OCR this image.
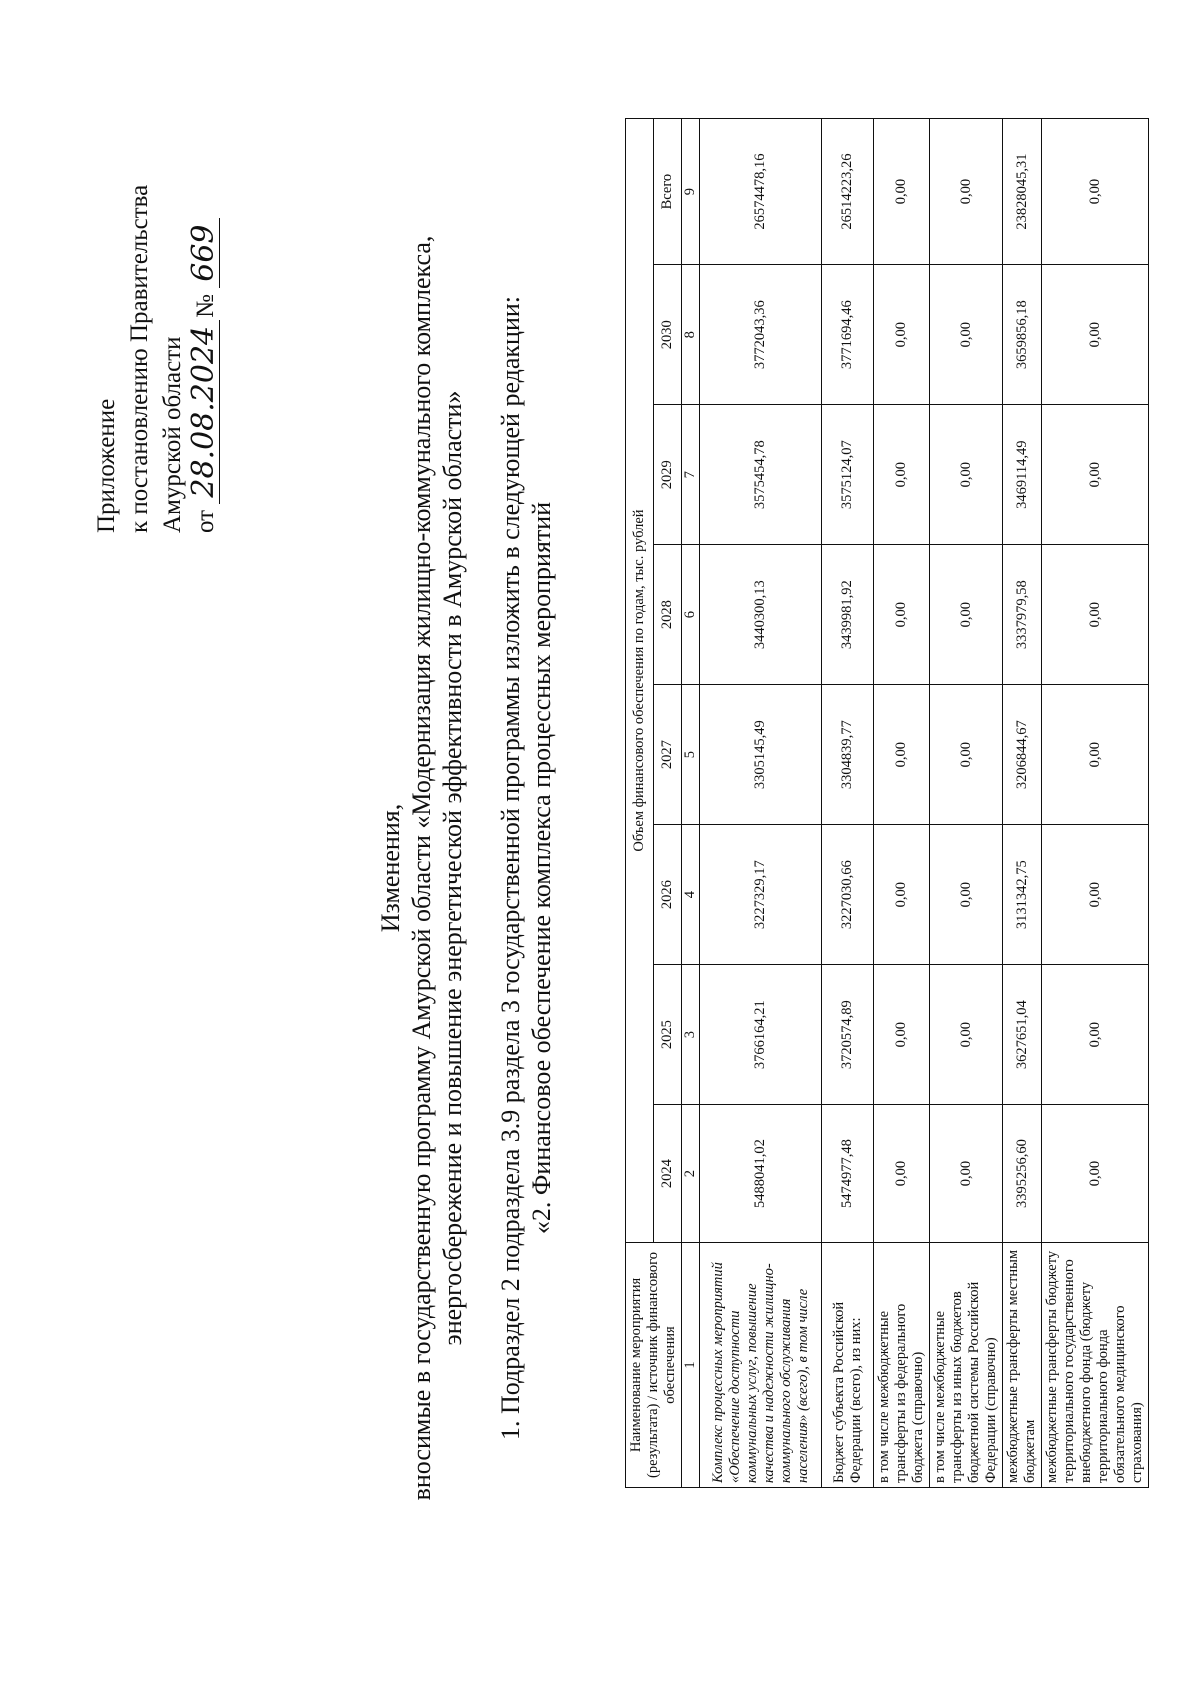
Приложение к постановлению Правительства Амурской области от 28.08.2024№ 669
Изменения, вносимые в государственную программу Амурской области «Модернизация жилищно-коммунального комплекса, энергосбережение и повышение энергетической эффективности в Амурской области» 1. Подраздел 2 подраздела 3.9 раздела 3 государственной программы изложить в следующей редакции: «2. Финансовое обеспечение комплекса процессных мероприятий
Наименование мероприятия (результата) / источник финансового обеспечения	Объем финансового обеспечения по годам, тыс. рублей							
	2024	2025	2026	2027	2028	2029	2030	Всего
1	2	3	4	5	6	7	8	9
Комплекс процессных мероприятий «Обеспечение доступности коммунальных услуг, повышение качества и надежности жилищно-коммунального обслуживания населения» (всего), в том числе	5488041,02	3766164,21	3227329,17	3305145,49	3440300,13	3575454,78	3772043,36	26574478,16
Бюджет субъекта Российской Федерации (всего), из них:	5474977,48	3720574,89	3227030,66	3304839,77	3439981,92	3575124,07	3771694,46	26514223,26
в том числе межбюджетные трансферты из федерального бюджета (справочно)	0,00	0,00	0,00	0,00	0,00	0,00	0,00	0,00
в том числе межбюджетные трансферты из иных бюджетов бюджетной системы Российской Федерации (справочно)	0,00	0,00	0,00	0,00	0,00	0,00	0,00	0,00
межбюджетные трансферты местным бюджетам	3395256,60	3627651,04	3131342,75	3206844,67	3337979,58	3469114,49	3659856,18	23828045,31
межбюджетные трансферты бюджету территориального государственного внебюджетного фонда (бюджету территориального фонда обязательного медицинского страхования)	0,00	0,00	0,00	0,00	0,00	0,00	0,00	0,00
